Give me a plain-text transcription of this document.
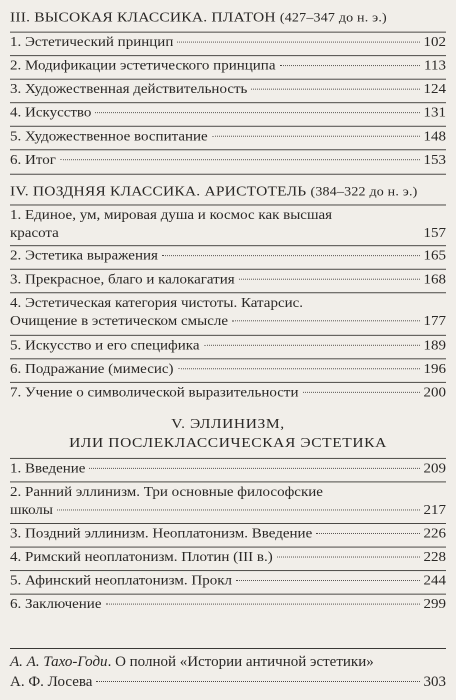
III. ВЫСОКАЯ КЛАССИКА. ПЛАТОН (427–347 до н. э.)
1. Эстетический принцип	102
2. Модификации эстетического принципа	113
3. Художественная действительность	124
4. Искусство	131
5. Художественное воспитание	148
6. Итог	153
IV. ПОЗДНЯЯ КЛАССИКА. АРИСТОТЕЛЬ (384–322 до н. э.)
1. Единое, ум, мировая душа и космос как высшая
красота	157
2. Эстетика выражения	165
3. Прекрасное, благо и калокагатия	168
4. Эстетическая категория чистоты. Катарсис.
Очищение в эстетическом смысле	177
5. Искусство и его специфика	189
6. Подражание (мимесис)	196
7. Учение о символической выразительности	200
V. ЭЛЛИНИЗМ,
ИЛИ ПОСЛЕКЛАССИЧЕСКАЯ ЭСТЕТИКА
1. Введение	209
2. Ранний эллинизм. Три основные философские
школы	217
3. Поздний эллинизм. Неоплатонизм. Введение	226
4. Римский неоплатонизм. Плотин (III в.)	228
5. Афинский неоплатонизм. Прокл	244
6. Заключение	299
А. А. Тахо-Годи . О полной «Истории античной эстетики»
А. Ф. Лосева	303
